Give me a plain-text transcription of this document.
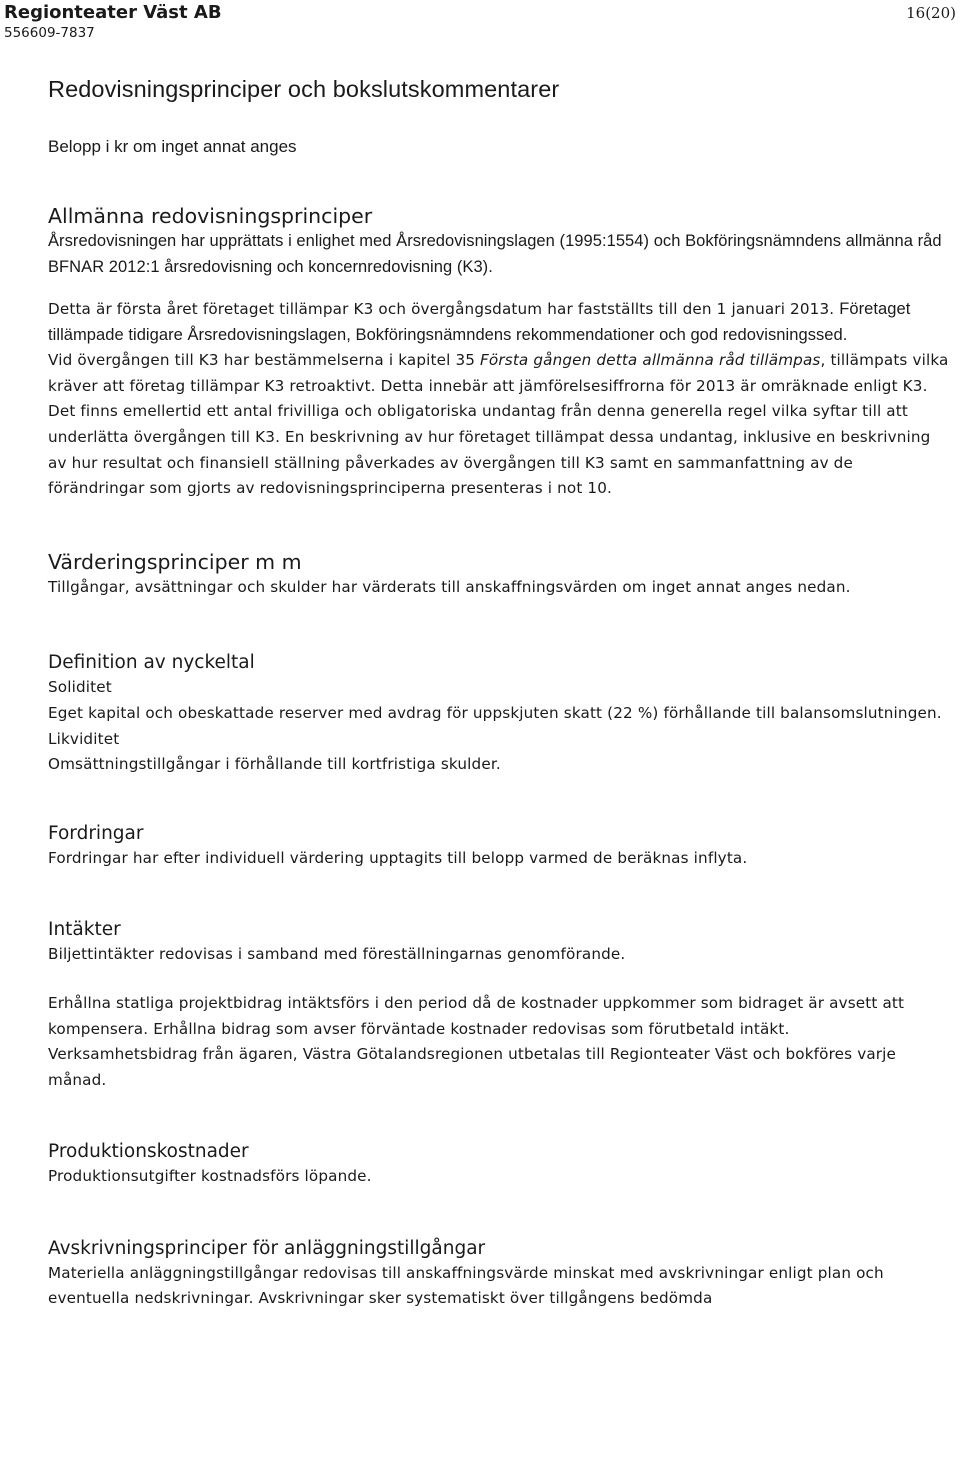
Regionteater Väst AB
556609-7837
16(20)
Redovisningsprinciper och bokslutskommentarer

Belopp i kr om inget annat anges

Allmänna redovisningsprinciper

Årsredovisningen har upprättats i enlighet med Årsredovisningslagen (1995:1554) och Bokföringsnämndens allmänna råd BFNAR 2012:1 årsredovisning och koncernredovisning (K3).

Detta är första året företaget tillämpar K3 och övergångsdatum har fastställts till den 1 januari 2013. Företaget tillämpade tidigare Årsredovisningslagen, Bokföringsnämndens rekommendationer och god redovisningssed.

Vid övergången till K3 har bestämmelserna i kapitel 35 Första gången detta allmänna råd tillämpas, tillämpats vilka kräver att företag tillämpar K3 retroaktivt. Detta innebär att jämförelsesiffrorna för 2013 är omräknade enligt K3. Det finns emellertid ett antal frivilliga och obligatoriska undantag från denna generella regel vilka syftar till att underlätta övergången till K3. En beskrivning av hur företaget tillämpat dessa undantag, inklusive en beskrivning av hur resultat och finansiell ställning påverkades av övergången till K3 samt en sammanfattning av de förändringar som gjorts av redovisningsprinciperna presenteras i not 10.

Värderingsprinciper m m

Tillgångar, avsättningar och skulder har värderats till anskaffningsvärden om inget annat anges nedan.

Definition av nyckeltal

Soliditet

Eget kapital och obeskattade reserver med avdrag för uppskjuten skatt (22 %) förhållande till balansomslutningen.

Likviditet

Omsättningstillgångar i förhållande till kortfristiga skulder.

Fordringar

Fordringar har efter individuell värdering upptagits till belopp varmed de beräknas inflyta.

Intäkter

Biljettintäkter redovisas i samband med föreställningarnas genomförande.

Erhållna statliga projektbidrag intäktsförs i den period då de kostnader uppkommer som bidraget är avsett att kompensera. Erhållna bidrag som avser förväntade kostnader redovisas som förutbetald intäkt.

Verksamhetsbidrag från ägaren, Västra Götalandsregionen utbetalas till Regionteater Väst och bokföres varje månad.

Produktionskostnader

Produktionsutgifter kostnadsförs löpande.

Avskrivningsprinciper för anläggningstillgångar

Materiella anläggningstillgångar redovisas till anskaffningsvärde minskat med avskrivningar enligt plan och eventuella nedskrivningar. Avskrivningar sker systematiskt över tillgångens bedömda
